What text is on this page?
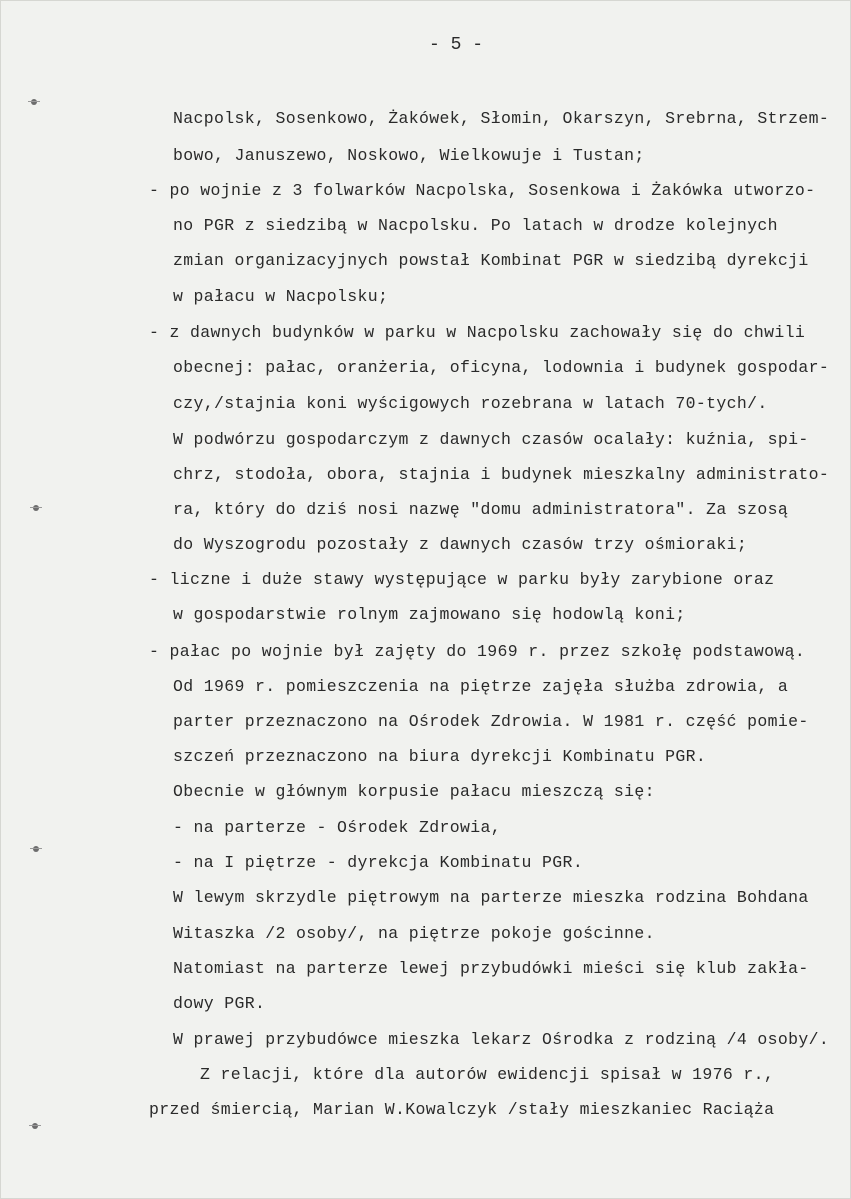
- 5 -
Nacpolsk, Sosenkowo, Żakówek, Słomin, Okarszyn, Srebrna, Strzem-
bowo, Januszewo, Noskowo, Wielkowuje i Tustan;
- po wojnie z 3 folwarków Nacpolska, Sosenkowa i Żakówka utworzo-
no PGR z siedzibą w Nacpolsku. Po latach w drodze kolejnych
zmian organizacyjnych powstał Kombinat PGR w siedzibą dyrekcji
w pałacu w Nacpolsku;
- z dawnych budynków w parku w Nacpolsku zachowały się do chwili
obecnej: pałac, oranżeria, oficyna, lodownia i budynek gospodar-
czy,/stajnia koni wyścigowych rozebrana w latach 70-tych/.
W podwórzu gospodarczym z dawnych czasów ocalały: kuźnia, spi-
chrz, stodoła, obora, stajnia i budynek mieszkalny administrato-
ra, który do dziś nosi nazwę "domu administratora". Za szosą
do Wyszogrodu pozostały z dawnych czasów trzy ośmioraki;
- liczne i duże stawy występujące w parku były zarybione oraz
w gospodarstwie rolnym zajmowano się hodowlą koni;
- pałac po wojnie był zajęty do 1969 r. przez szkołę podstawową.
Od 1969 r. pomieszczenia na piętrze zajęła służba zdrowia, a
parter przeznaczono na Ośrodek Zdrowia. W 1981 r. część pomie-
szczeń przeznaczono na biura dyrekcji Kombinatu PGR.
Obecnie w głównym korpusie pałacu mieszczą się:
- na parterze - Ośrodek Zdrowia,
- na I piętrze - dyrekcja Kombinatu PGR.
W lewym skrzydle piętrowym na parterze mieszka rodzina Bohdana
Witaszka /2 osoby/, na piętrze pokoje gościnne.
Natomiast na parterze lewej przybudówki mieści się klub zakła-
dowy PGR.
W prawej przybudówce mieszka lekarz Ośrodka z rodziną /4 osoby/.
Z relacji, które dla autorów ewidencji spisał w 1976 r.,
przed śmiercią, Marian W.Kowalczyk /stały mieszkaniec Raciąża
